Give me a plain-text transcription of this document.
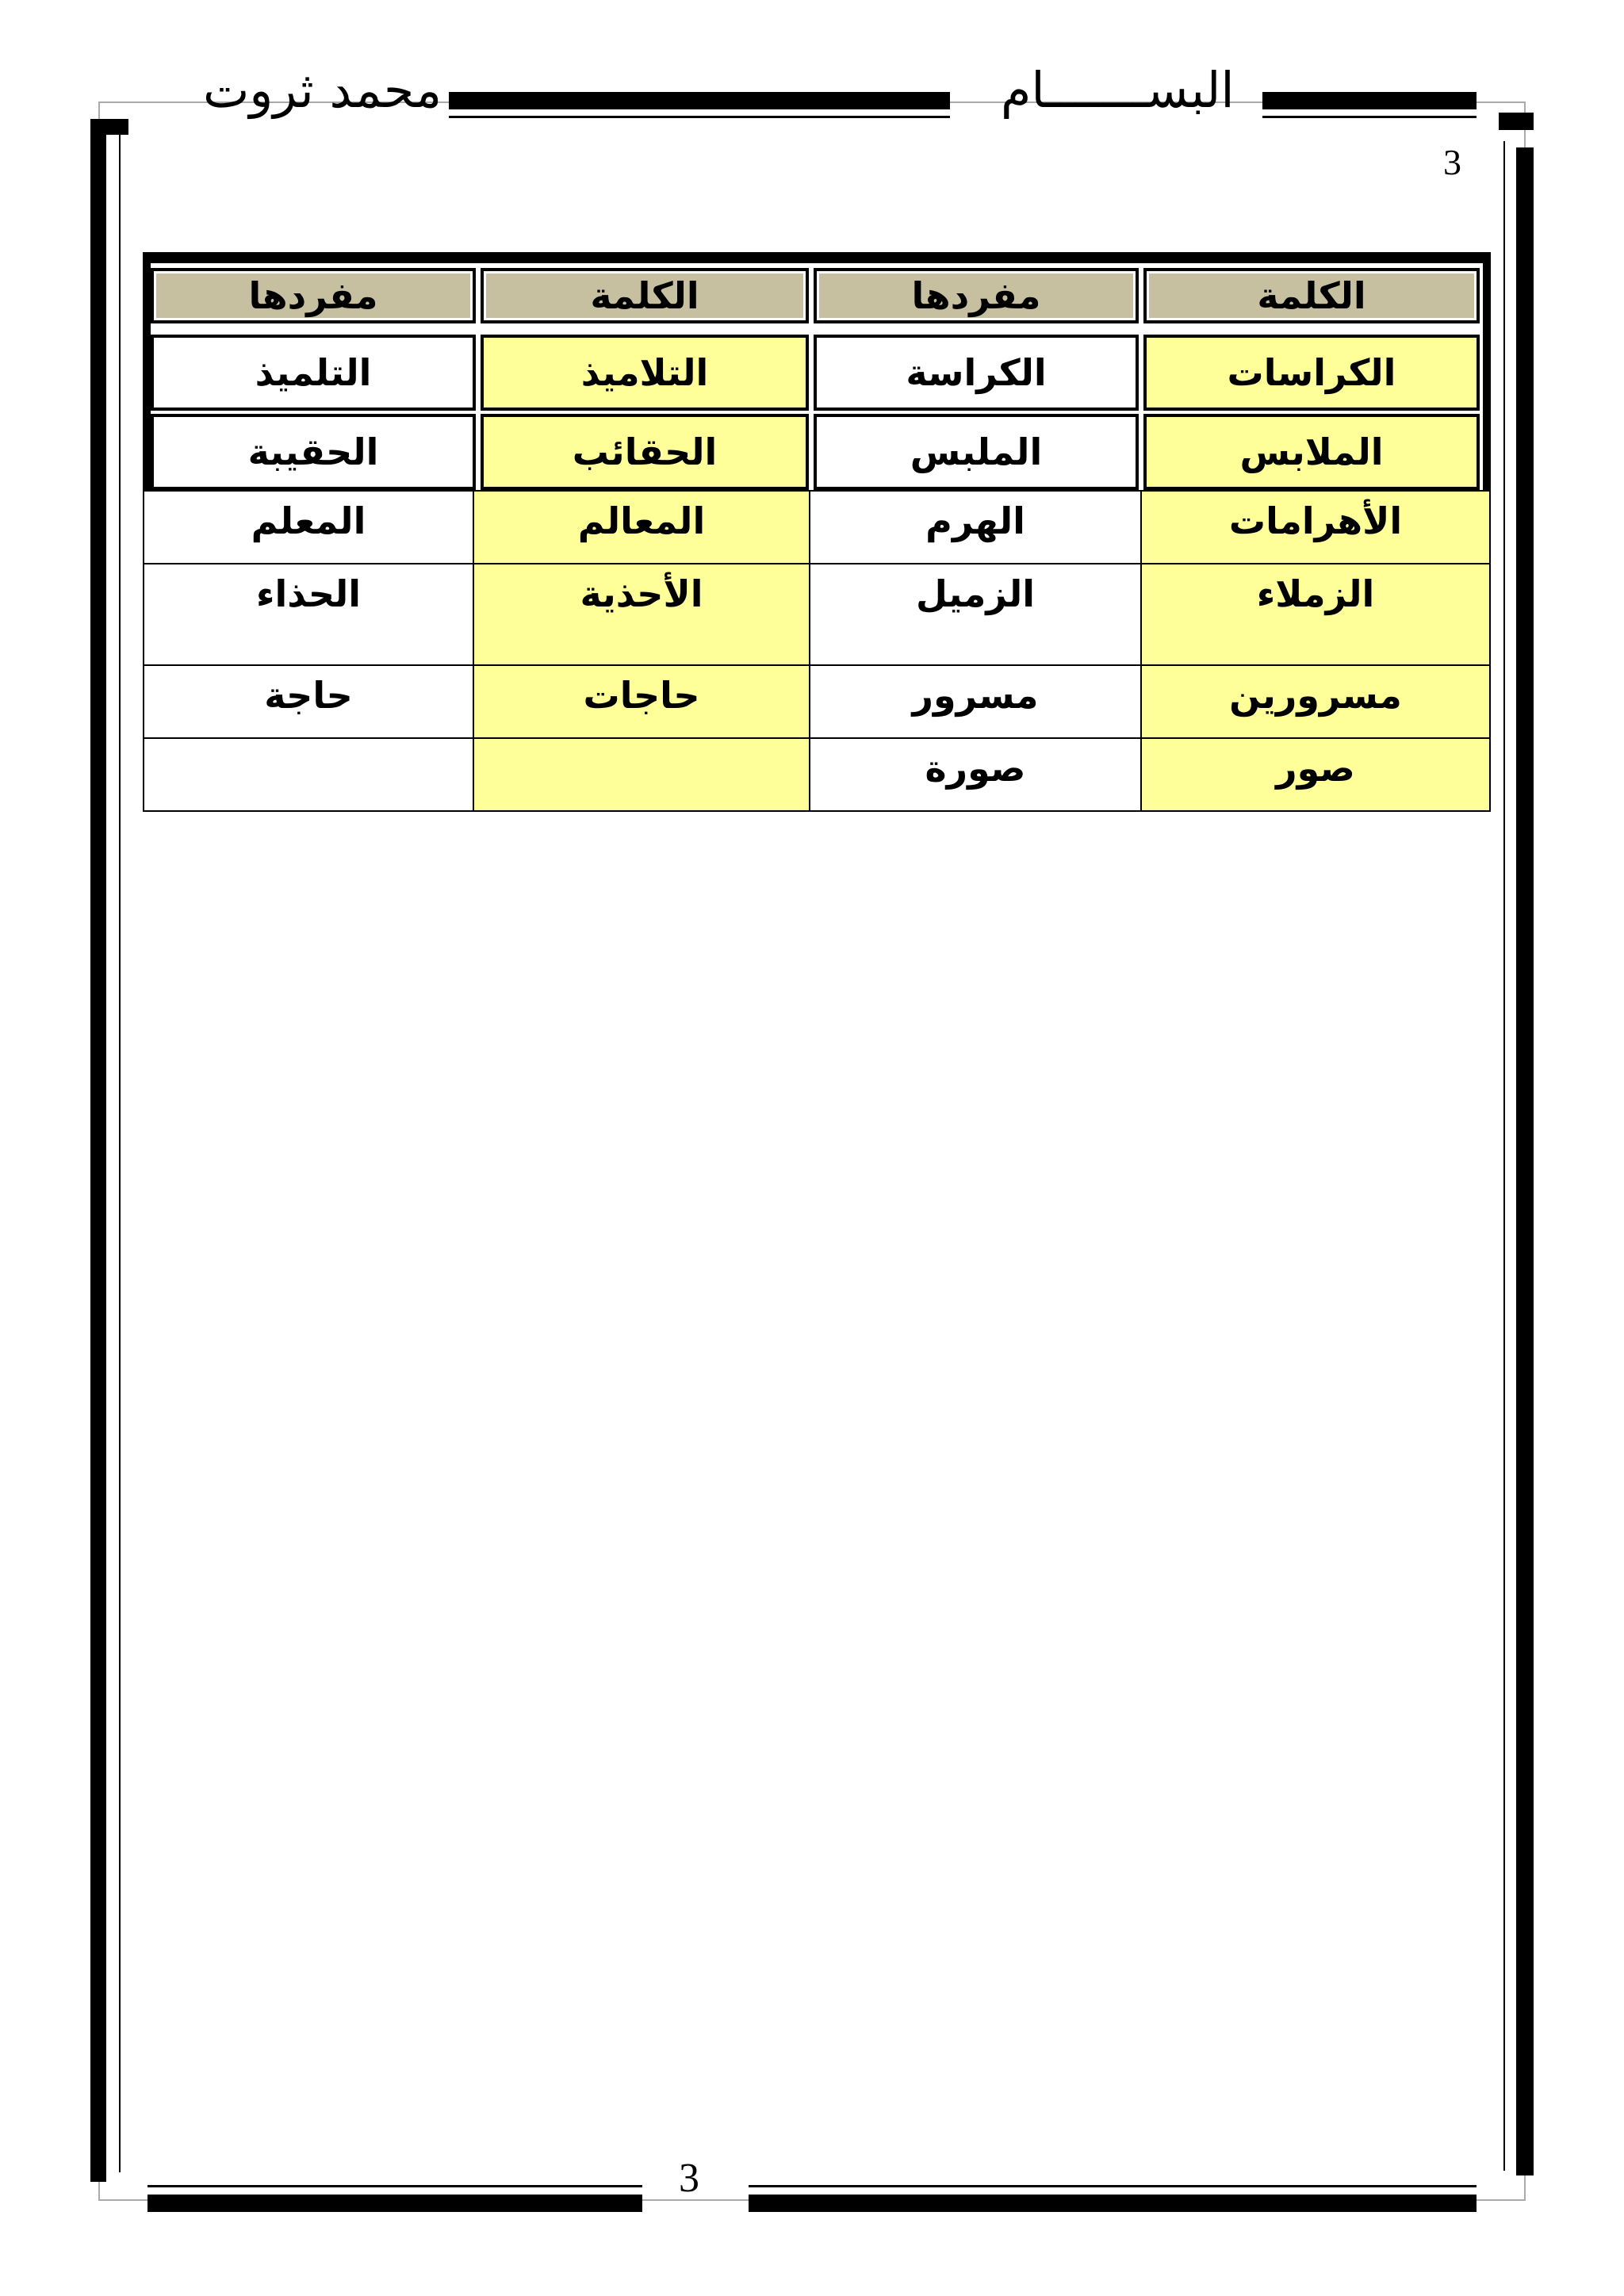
محمد ثروت	البســـــــام
3
الكلمة
مفردها
الكلمة
مفردها
الكراسات
الكراسة
التلاميذ
التلميذ
الملابس
الملبس
الحقائب
الحقيبة
الأهرامات
الهرم
المعالم
المعلم
الزملاء
الزميل
الأحذية
الحذاء
مسرورين
مسرور
حاجات
حاجة
صور
صورة
3
